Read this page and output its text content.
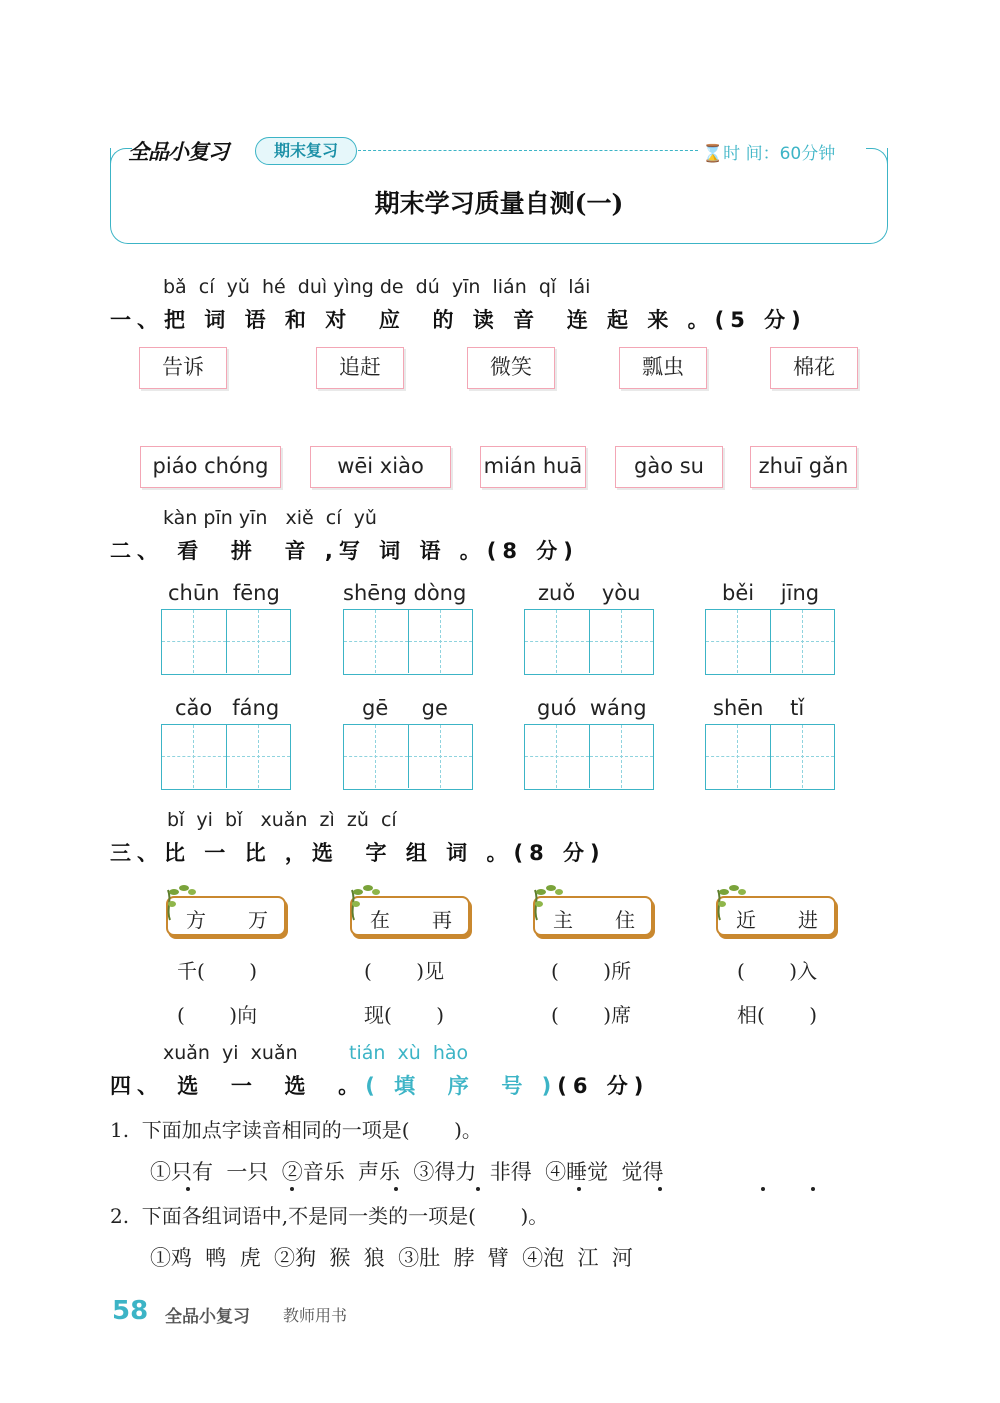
全品小复习	期末复习	⌛时 间：60分钟
期末学习质量自测(一)
bǎ  cí  yǔ  hé  duì yìng de  dú  yīn  lián  qǐ  lái
一、把 词 语 和 对  应  的 读 音  连 起 来 。(5 分)
告诉	追赶	微笑	瓢虫	棉花
piáo chóng	wēi xiào	mián huā	gào su	zhuī gǎn
kàn pīn yīn   xiě  cí  yǔ
二、 看  拼  音 ,写 词 语 。(8 分)
chūn  fēng	shēng dòng	zuǒ    yòu	běi    jīng
cǎo   fáng	gē     ge	guó  wáng	shēn    tǐ
bǐ  yi  bǐ   xuǎn  zì  zǔ  cí
三、比 一 比 ，选  字 组 词 。(8 分)
方 万	在 再	主 住	近 进
千(       )	(       )见	(       )所	(       )入
(       )向	现(       )	(       )席	相(       )
xuǎn  yi  xuǎn	tián  xù  hào
四、 选  一  选  。( 填  序  号 )(6 分)
1.  下面加点字读音相同的一项是(       )。
①只有  一只  ②音乐  声乐  ③得力  非得  ④睡觉  觉得
2.  下面各组词语中,不是同一类的一项是(       )。
①鸡  鸭  虎  ②狗  猴  狼  ③肚  脖  臂  ④泡  江  河
58 全品小复习 教师用书
